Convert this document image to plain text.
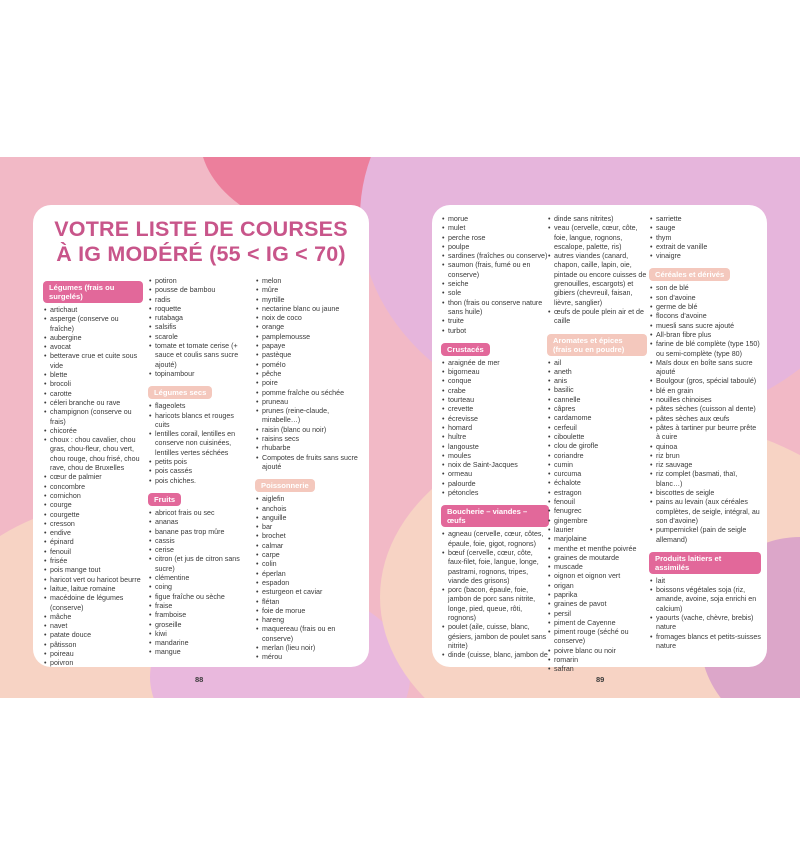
VOTRE LISTE DE COURSES
À IG MODÉRÉ (55 < IG < 70)
Légumes (frais ou surgelés)
• artichaut
• asperge (conserve ou fraîche)
• aubergine
• avocat
• betterave crue et cuite sous vide
• blette
• brocoli
• carotte
• céleri branche ou rave
• champignon (conserve ou frais)
• chicorée
• choux : chou cavalier, chou gras, chou-fleur, chou vert, chou rouge, chou frisé, chou rave, chou de Bruxelles
• cœur de palmier
• concombre
• cornichon
• courge
• courgette
• cresson
• endive
• épinard
• fenouil
• frisée
• pois mange tout
• haricot vert ou haricot beurre
• laitue, laitue romaine
• macédoine de légumes (conserve)
• mâche
• navet
• patate douce
• pâtisson
• poireau
• poivron
• potiron
• pousse de bambou
• radis
• roquette
• rutabaga
• salsifis
• scarole
• tomate et tomate cerise (+ sauce et coulis sans sucre ajouté)
• topinambour
Légumes secs
• flageolets
• haricots blancs et rouges cuits
• lentilles corail, lentilles en conserve non cuisinées, lentilles vertes séchées
• petits pois
• pois cassés
• pois chiches.
Fruits
• abricot frais ou sec
• ananas
• banane pas trop mûre
• cassis
• cerise
• citron (et jus de citron sans sucre)
• clémentine
• coing
• figue fraîche ou sèche
• fraise
• framboise
• groseille
• kiwi
• mandarine
• mangue
• melon
• mûre
• myrtille
• nectarine blanc ou jaune
• noix de coco
• orange
• pamplemousse
• papaye
• pastèque
• poméIo
• pêche
• poire
• pomme fraîche ou séchée
• pruneau
• prunes (reine-claude, mirabelle…)
• raisin (blanc ou noir)
• raisins secs
• rhubarbe
• Compotes de fruits sans sucre ajouté
Poissonnerie
• aiglefin
• anchois
• anguille
• bar
• brochet
• calmar
• carpe
• colin
• éperlan
• espadon
• esturgeon et caviar
• flétan
• foie de morue
• hareng
• maquereau (frais ou en conserve)
• merlan (lieu noir)
• mérou
• morue
• mulet
• perche rose
• poulpe
• sardines (fraîches ou conserve)
• saumon (frais, fumé ou en conserve)
• seiche
• sole
• thon (frais ou conserve nature sans huile)
• truite
• turbot
Crustacés
• araignée de mer
• bigorneau
• conque
• crabe
• tourteau
• crevette
• écrevisse
• homard
• huître
• langouste
• moules
• noix de Saint-Jacques
• ormeau
• palourde
• pétoncles
Boucherie – viandes – œufs
• agneau (cervelle, cœur, côtes, épaule, foie, gigot, rognons)
• bœuf (cervelle, cœur, côte, faux-filet, foie, langue, longe, pastrami, rognons, tripes, viande des grisons)
• porc (bacon, épaule, foie, jambon de porc sans nitrite, longe, pied, queue, rôti, rognons)
• poulet (aile, cuisse, blanc, gésiers, jambon de poulet sans nitrite)
• dinde (cuisse, blanc, jambon de
• dinde sans nitrites)
• veau (cervelle, cœur, côte, foie, langue, rognons, escalope, palette, ris)
• autres viandes (canard, chapon, caille, lapin, oie, pintade ou encore cuisses de grenouilles, escargots) et gibiers (chevreuil, faisan, lièvre, sanglier)
• œufs de poule plein air et de caille
Aromates et épices (frais ou en poudre)
• ail
• aneth
• anis
• basilic
• cannelle
• câpres
• cardamome
• cerfeuil
• ciboulette
• clou de girofle
• coriandre
• cumin
• curcuma
• échalote
• estragon
• fenouil
• fenugrec
• gingembre
• laurier
• marjolaine
• menthe et menthe poivrée
• graines de moutarde
• muscade
• oignon et oignon vert
• origan
• paprika
• graines de pavot
• persil
• piment de Cayenne
• piment rouge (séché ou conserve)
• poivre blanc ou noir
• romarin
• safran
• sarriette
• sauge
• thym
• extrait de vanille
• vinaigre
Céréales et dérivés
• son de blé
• son d'avoine
• germe de blé
• flocons d'avoine
• muesli sans sucre ajouté
• All-bran fibre plus
• farine de blé complète (type 150) ou semi-complète (type 80)
• Maïs doux en boîte sans sucre ajouté
• Boulgour (gros, spécial taboulé)
• blé en grain
• nouilles chinoises
• pâtes sèches (cuisson al dente)
• pâtes sèches aux œufs
• pâtes à tartiner pur beurre prête à cuire
• quinoa
• riz brun
• riz sauvage
• riz complet (basmati, thaï, blanc…)
• biscottes de seigle
• pains au levain (aux céréales complètes, de seigle, intégral, au son d'avoine)
• pumpernickel (pain de seigle allemand)
Produits laitiers et assimilés
• lait
• boissons végétales soja (riz, amande, avoine, soja enrichi en calcium)
• yaourts (vache, chèvre, brebis) nature
• fromages blancs et petits-suisses nature
88	89
